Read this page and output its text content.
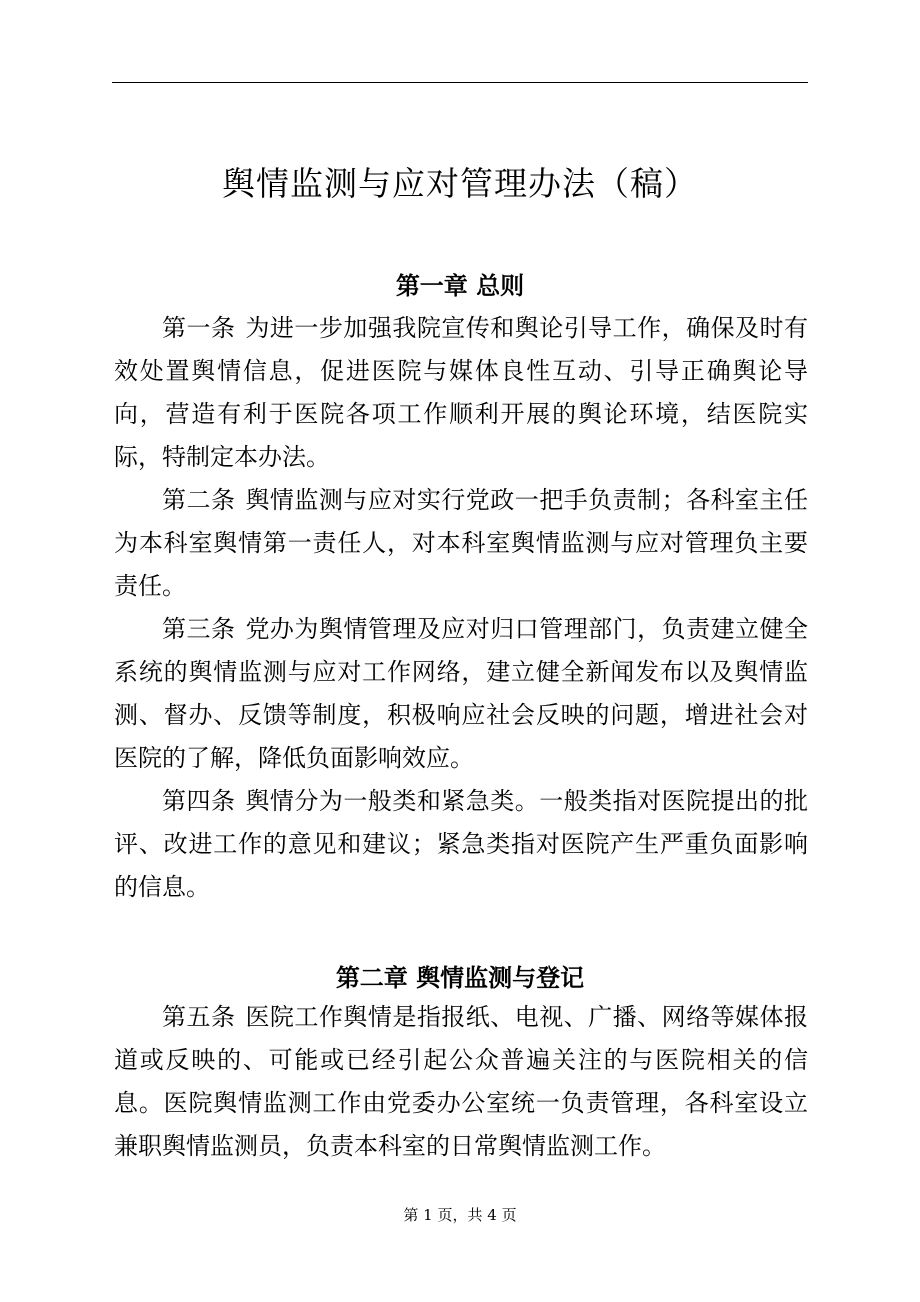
舆情监测与应对管理办法（稿）
第一章 总则

第一条 为进一步加强我院宣传和舆论引导工作，确保及时有效处置舆情信息，促进医院与媒体良性互动、引导正确舆论导向，营造有利于医院各项工作顺利开展的舆论环境，结医院实际，特制定本办法。

第二条 舆情监测与应对实行党政一把手负责制；各科室主任为本科室舆情第一责任人，对本科室舆情监测与应对管理负主要责任。

第三条 党办为舆情管理及应对归口管理部门，负责建立健全系统的舆情监测与应对工作网络，建立健全新闻发布以及舆情监测、督办、反馈等制度，积极响应社会反映的问题，增进社会对医院的了解，降低负面影响效应。

第四条 舆情分为一般类和紧急类。一般类指对医院提出的批评、改进工作的意见和建议；紧急类指对医院产生严重负面影响的信息。

第二章 舆情监测与登记

第五条 医院工作舆情是指报纸、电视、广播、网络等媒体报道或反映的、可能或已经引起公众普遍关注的与医院相关的信息。医院舆情监测工作由党委办公室统一负责管理，各科室设立兼职舆情监测员，负责本科室的日常舆情监测工作。

第 1 页，共 4 页
